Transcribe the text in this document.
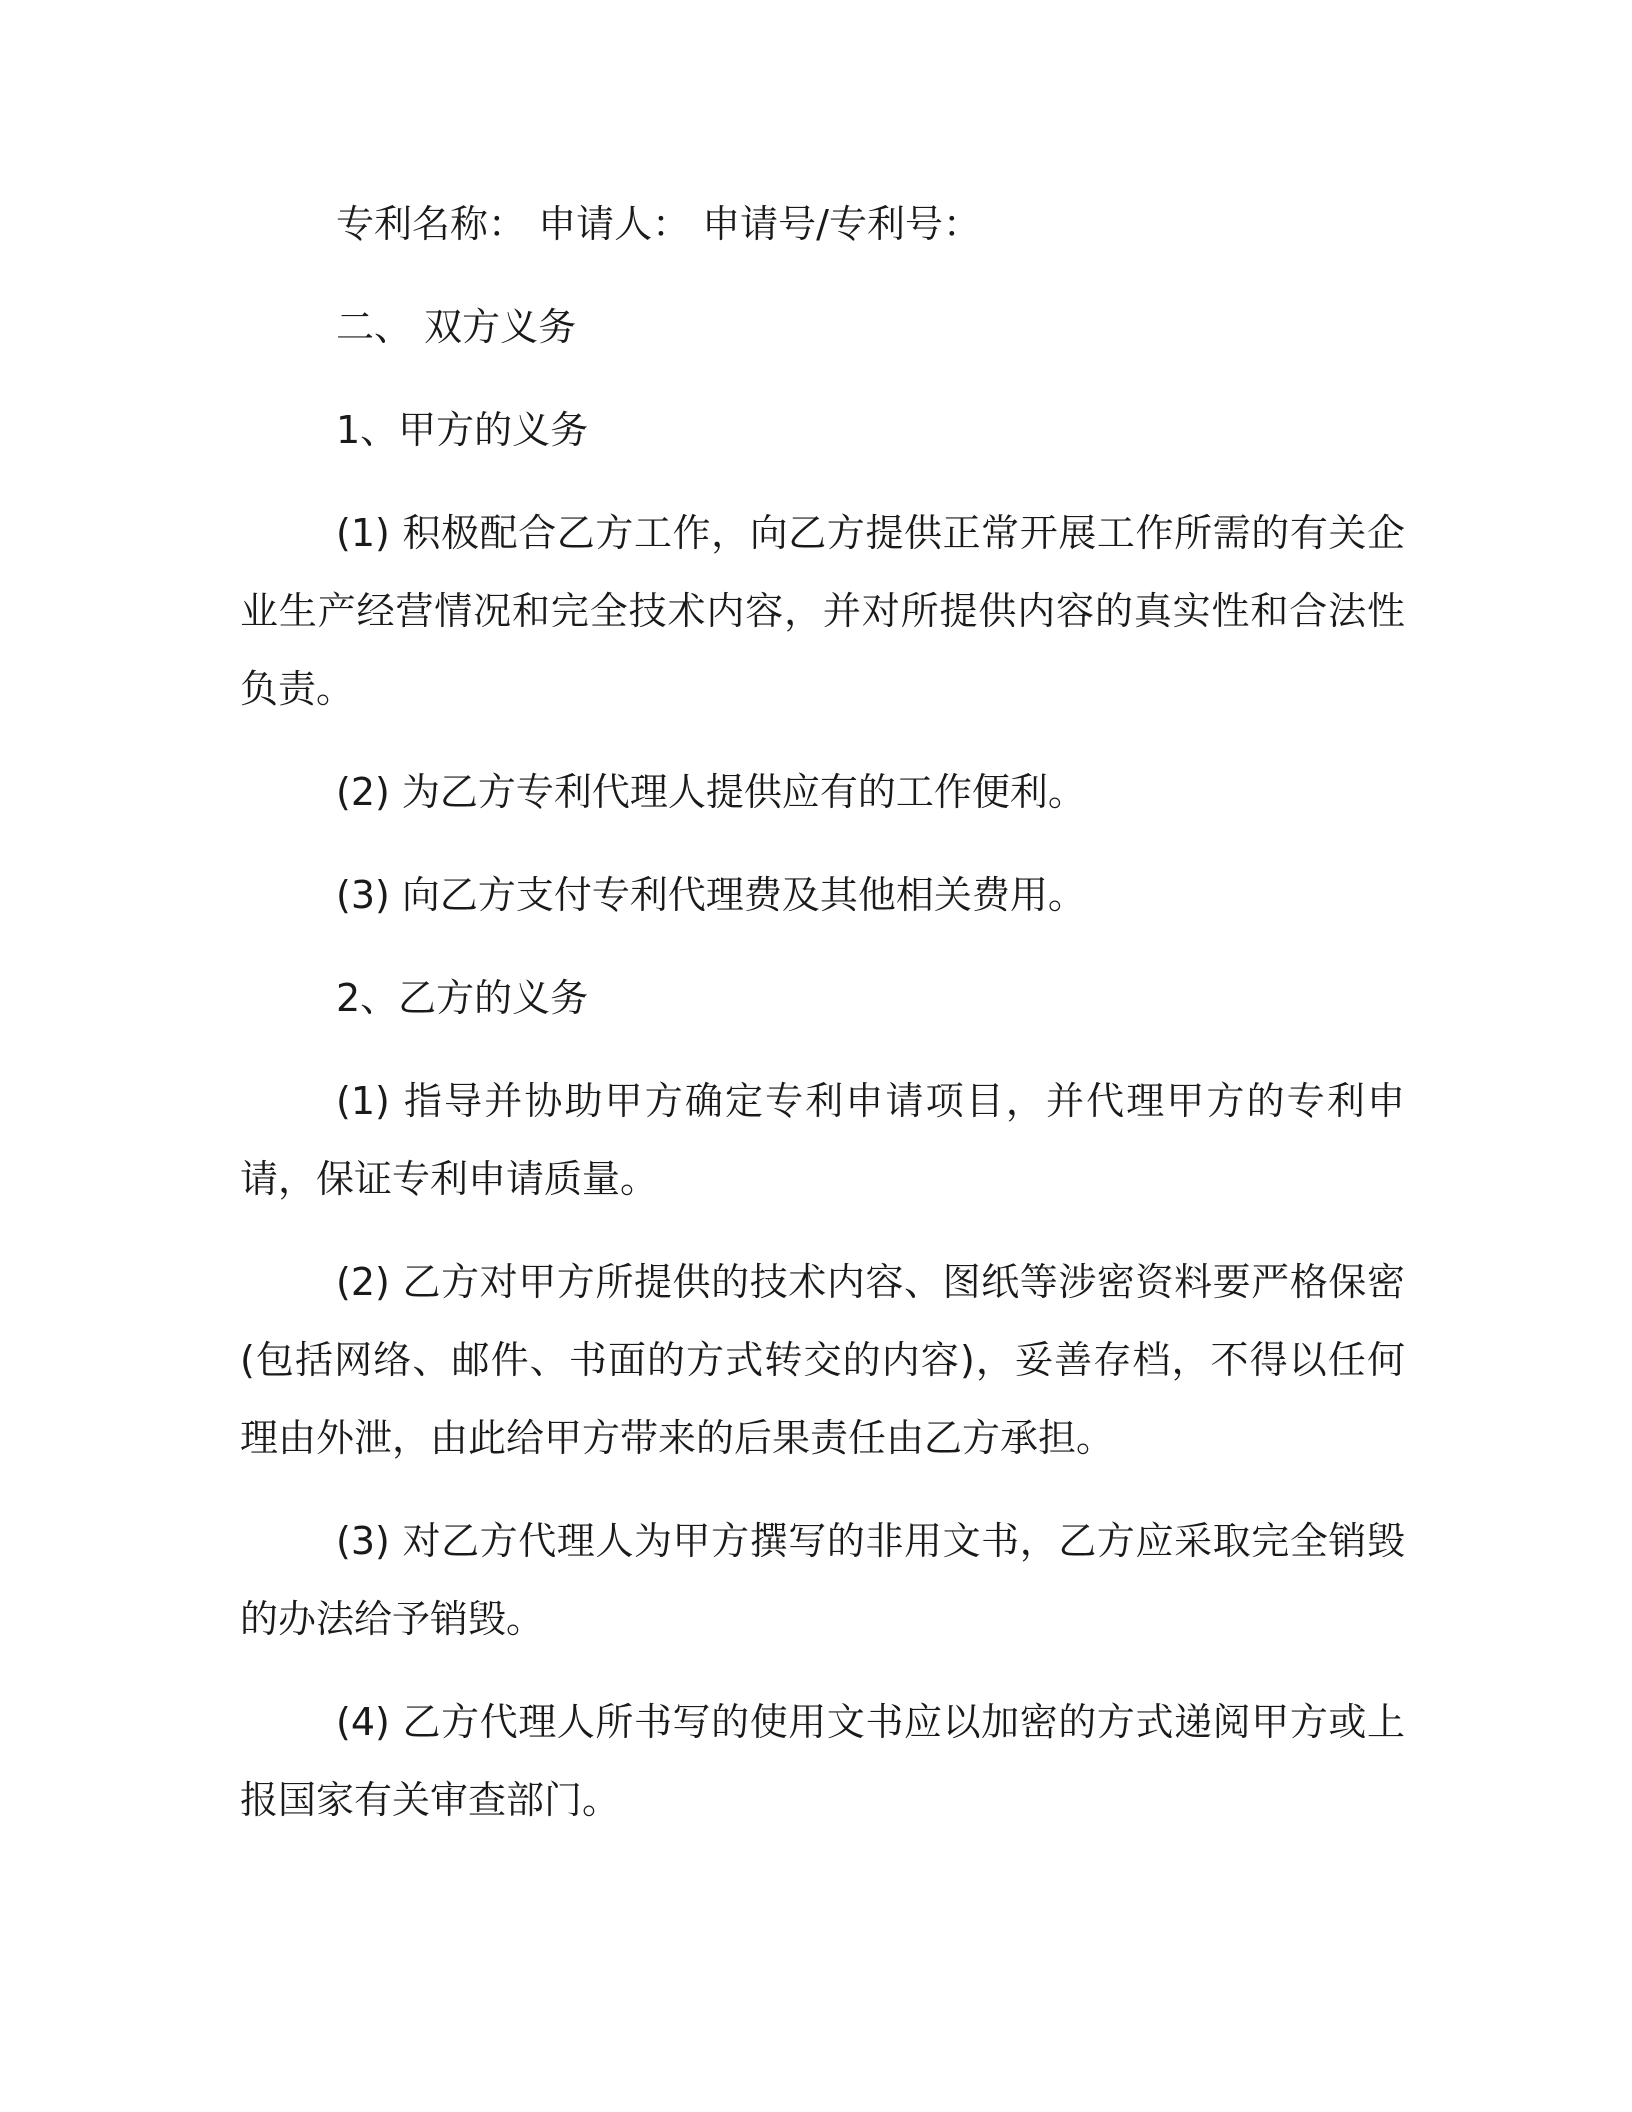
专利名称： 申请人： 申请号/专利号：

二、 双方义务

1、甲方的义务

(1) 积极配合乙方工作，向乙方提供正常开展工作所需的有关企业生产经营情况和完全技术内容，并对所提供内容的真实性和合法性负责。

(2) 为乙方专利代理人提供应有的工作便利。

(3) 向乙方支付专利代理费及其他相关费用。

2、乙方的义务

(1) 指导并协助甲方确定专利申请项目，并代理甲方的专利申请，保证专利申请质量。

(2) 乙方对甲方所提供的技术内容、图纸等涉密资料要严格保密(包括网络、邮件、书面的方式转交的内容)，妥善存档，不得以任何理由外泄，由此给甲方带来的后果责任由乙方承担。

(3) 对乙方代理人为甲方撰写的非用文书，乙方应采取完全销毁的办法给予销毁。

(4) 乙方代理人所书写的使用文书应以加密的方式递阅甲方或上报国家有关审查部门。
